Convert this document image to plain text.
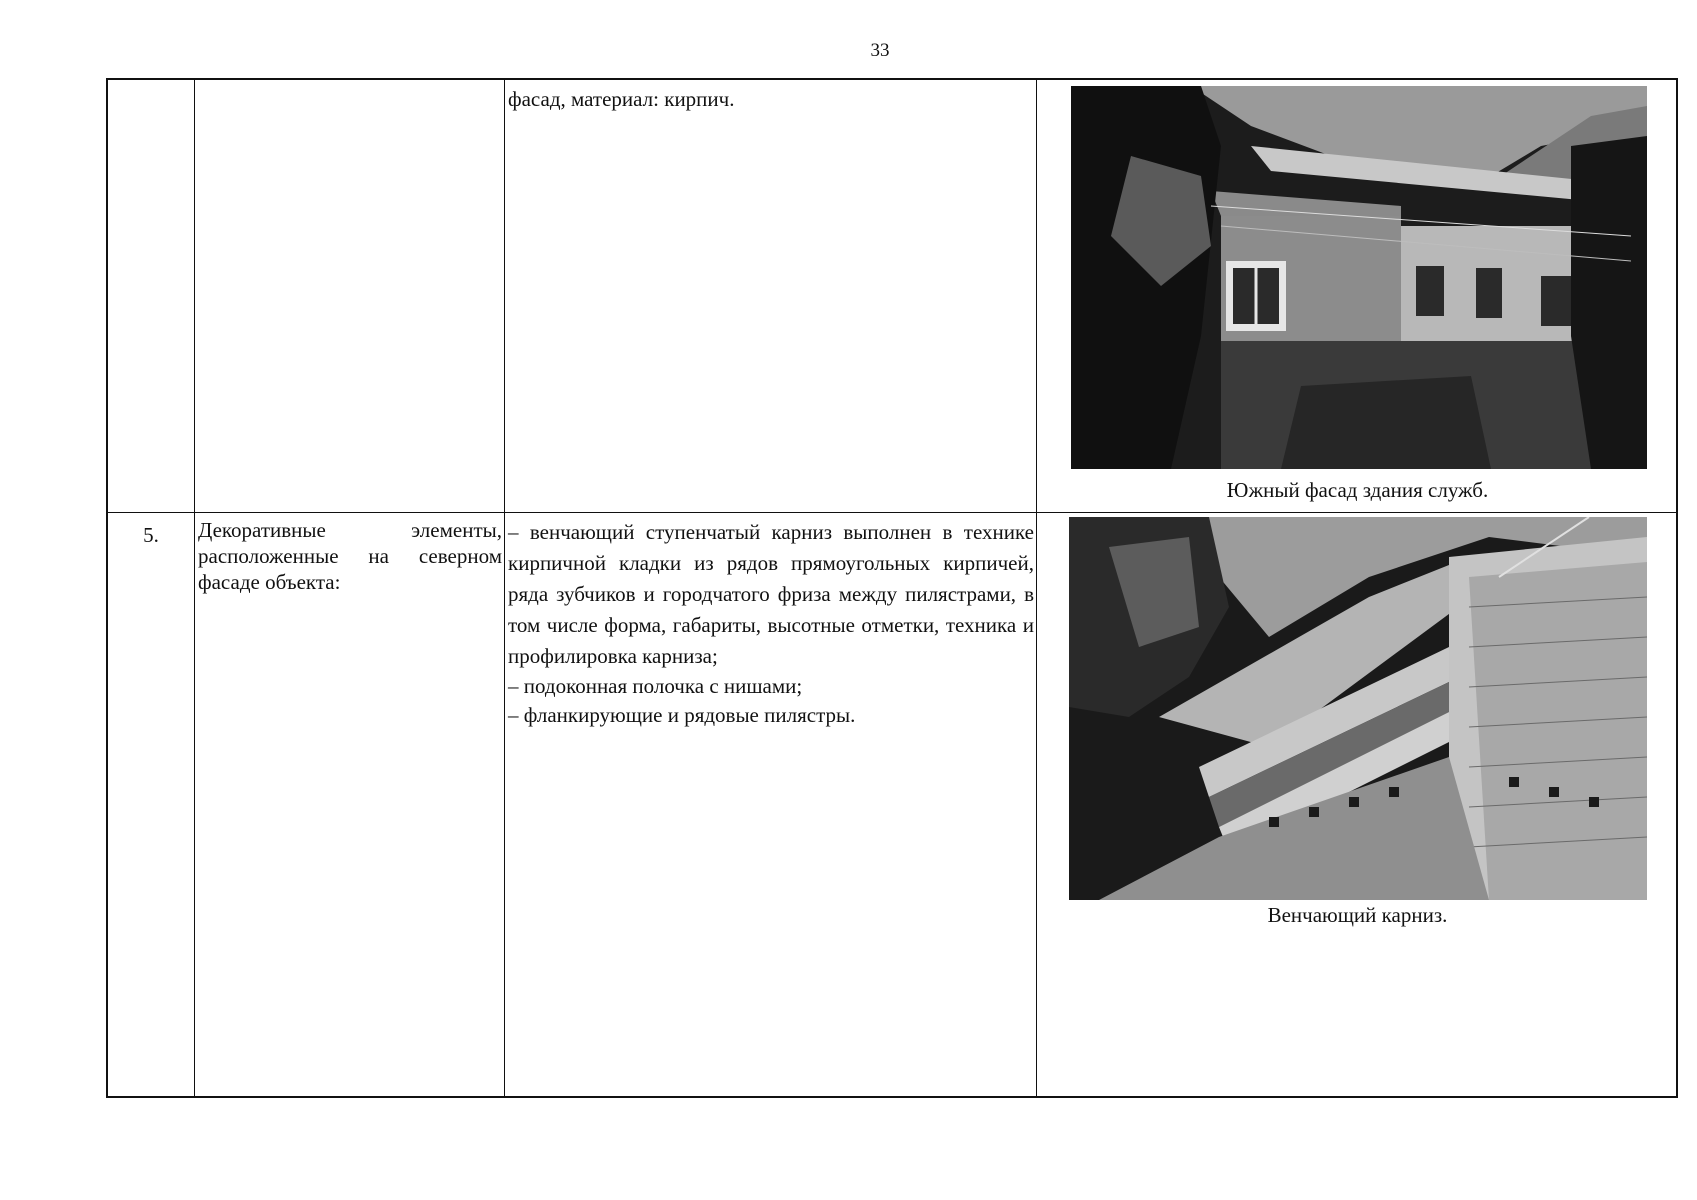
33

фасад, материал: кирпич.

Южный фасад здания служб.
5.	Декоративные элементы, расположенные на северном фасаде объекта:

– венчающий ступенчатый карниз выполнен в технике кирпичной кладки из рядов прямоугольных кирпичей, ряда зубчиков и городчатого фриза между пилястрами, в том числе форма, габариты, высотные отметки, техника и профилировка карниза;

– подоконная полочка с нишами;

– фланкирующие и рядовые пилястры.

Венчающий карниз.
